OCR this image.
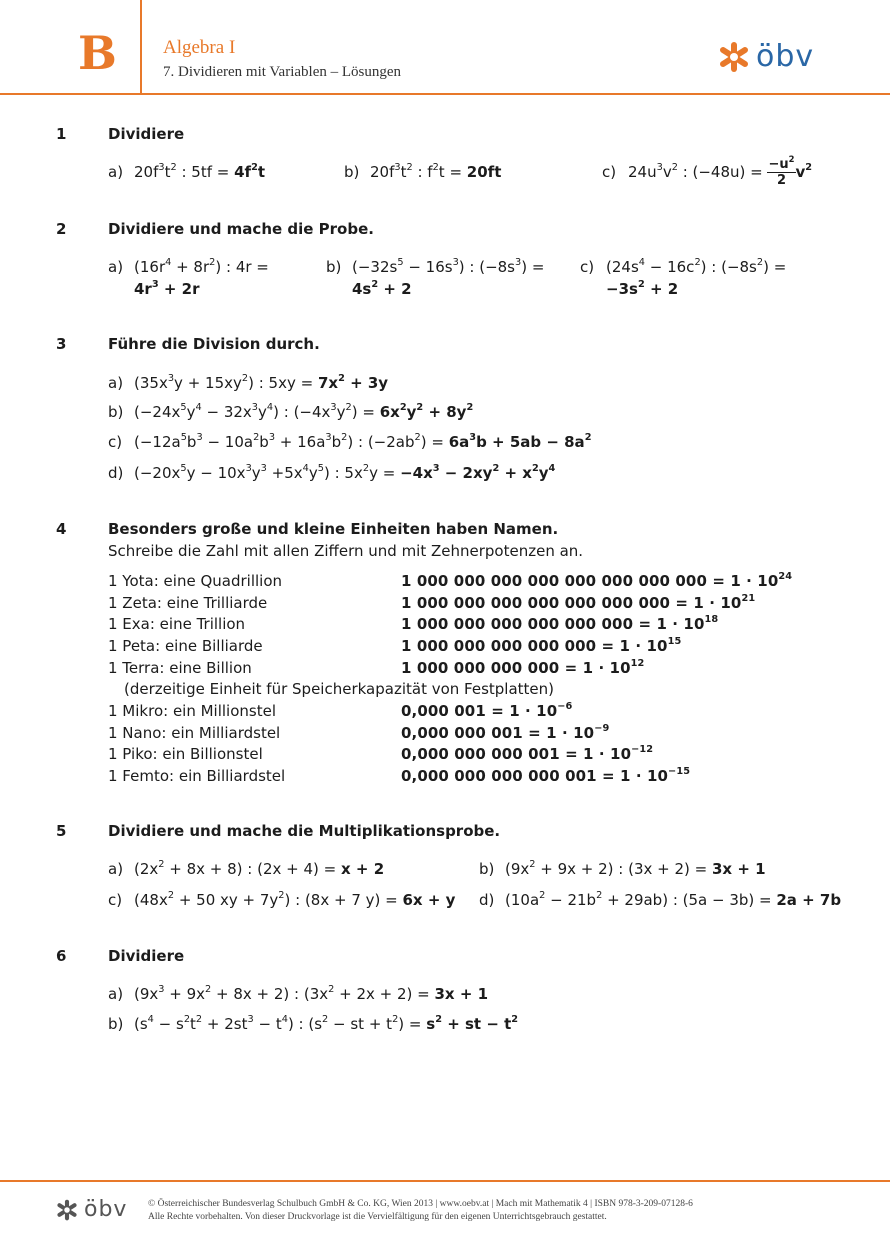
B Algebra I
7. Dividieren mit Variablen – Lösungen	öbv
1	Dividiere
a) $20f^3t^2$ : $5tf = 4f^2t$	b) $20f^3t^2$ : $f^2t = 20ft$	c) $24u^3v^2$ : $(-48u) = \frac{-u^2}{2} v^2$
2	Dividiere und mache die Probe.
a) $(16r^4 + 8r^2)$ : 4r =
$4r^3 + 2r$
b) $(-32s^5 - 16s^3)$ : $(-8s^3)$ =
$4s^2 + 2$
c) $(24s^4 - 16c^2)$ : $(-8s^2)$ =
$-3s^2 + 2$
3	Führe die Division durch.
a) $(35x^3y + 15xy^2)$ : $5xy = 7x^2 + 3y$
b) $(-24x^5y^4 - 32x^3y^4)$ : $(-4x^3y^2) = 6x^2y^2 + 8y^2$
c) $(-12a^5b^3 - 10a^2b^3 + 16a^3b^2)$ : $(-2ab^2) = 6a^3b + 5ab - 8a^2$
d) $(-20x^5y - 10x^3y^3 +5x^4y^5)$ : $5x^2y = -4x^3 - 2xy^2 + x^2y^4$
4	Besonders große und kleine Einheiten haben Namen.
Schreibe die Zahl mit allen Ziffern und mit Zehnerpotenzen an.
1 Yota: eine Quadrillion	1 000 000 000 000 000 000 000 $000 = 1 \cdot 10^{24}$
1 Zeta: eine Trilliarde	1 000 000 000 000 000 000 $000 = 1 \cdot 10^{21}$
1 Exa: eine Trillion	1 000 000 000 000 000 $000 = 1 \cdot 10^{18}$
1 Peta: eine Billiarde	1 000 000 000 000 $000 = 1 \cdot 10^{15}$
1 Terra: eine Billion	1 000 000 000 $000 = 1 \cdot 10^{12}$
(derzeitige Einheit für Speicherkapazität von Festplatten)
1 Mikro: ein Millionstel	0,000 $001 = 1 \cdot 10^{-6}$
1 Nano: ein Milliardstel	0,000 000 $001 = 1 \cdot 10^{-9}$
1 Piko: ein Billionstel	0,000 000 000 $001 = 1 \cdot 10^{-12}$
1 Femto: ein Billiardstel	0,000 000 000 000 $001 = 1 \cdot 10^{-15}$
5	Dividiere und mache die Multiplikationsprobe.
a) $(2x^2 + 8x + 8)$ : (2x + 4) = x + 2	b) $(9x^2 + 9x + 2)$ : (3x + 2) = 3x + 1
c) ($48x^2 + 50$ xy + $7y^2$) : (8x + 7 y) = 6x + y d) $(10a^2 - 21b^2 + 29ab)$ : (5a − 3b) = 2a + 7b
6	Dividiere
a) $(9x^3 + 9x^2 + 8x + 2)$ : $(3x^2 + 2x + 2) = 3x + 1$
b) $(s^4 - s^2t^2 + 2st^3 - t^4)$ : ($s^2$ − st + $t^2) = s^2$ + st − $t^2$
öbv © Österreichischer Bundesverlag Schulbuch GmbH & Co. KG, Wien 2013 | www.oebv.at | Mach mit Mathematik 4 | ISBN 978-3-209-07128-6
Alle Rechte vorbehalten. Von dieser Druckvorlage ist die Vervielfältigung für den eigenen Unterrichtsgebrauch gestattet.
